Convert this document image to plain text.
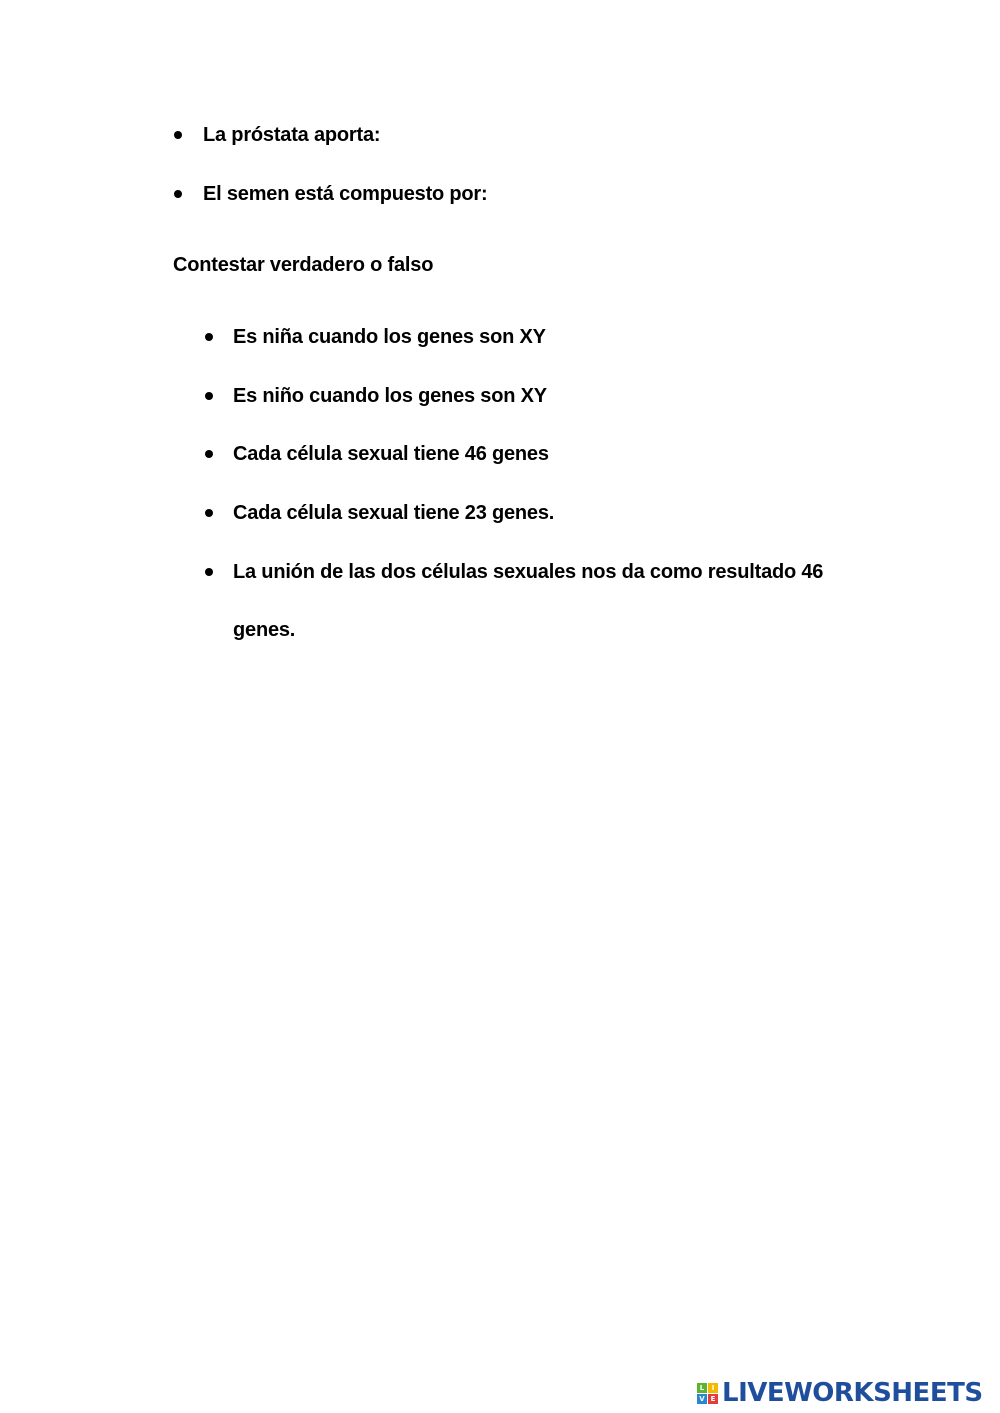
La próstata aporta:
El semen está compuesto por:
Contestar verdadero o falso
Es niña cuando los genes son XY
Es niño cuando los genes son XY
Cada célula sexual tiene 46 genes
Cada célula sexual tiene 23 genes.
La unión de las dos células sexuales nos da como resultado 46
genes.
L	I
V E LIVEWORKSHEETS
